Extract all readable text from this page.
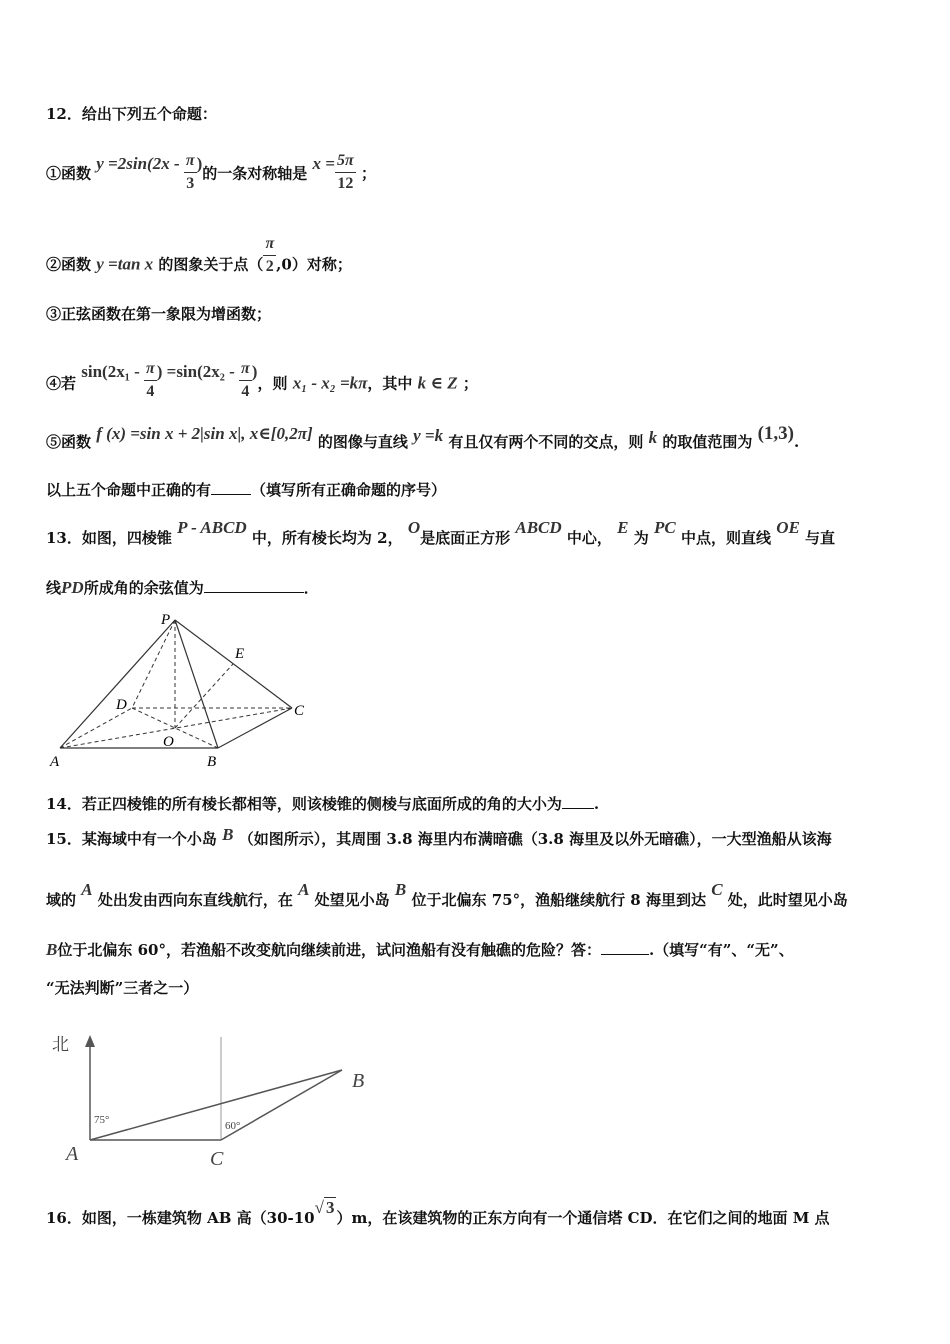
12．给出下列五个命题：
①函数 $y =2\sin(2x - \frac{\pi}{3}$ )的一条对称轴是 $x = \frac{5\pi}{12}$ ；
②函数 y =tan x 的图象关于点（ $\frac{\pi}{2} ,0$）对称；
③正弦函数在第一象限为增函数；
④若 $\sin(2x_1 - \frac{\pi}{4}$ ) $=\sin(2x_2 - \frac{\pi}{4}$ )，则 x₁ - x₂ =kπ，其中 k ∈ Z ；
⑤函数 f (x) =sin x + 2|sin x|, x∈[0,2π] 的图像与直线 y =k 有且仅有两个不同的交点，则 k 的取值范围为 (1,3).
以上五个命题中正确的有	（填写所有正确命题的序号）
13．如图，四棱锥 P - ABCD 中，所有棱长均为 2， O是底面正方形 ABCD 中心， E 为 PC 中点，则直线 OE 与直
线PD所成角的余弦值为	．
P
E
D	C
O
A	B
14．若正四棱锥的所有棱长都相等，则该棱锥的侧棱与底面所成的角的大小为 .
15．某海域中有一个小岛 B （如图所示），其周围 3.8 海里内布满暗礁（3.8 海里及以外无暗礁），一大型渔船从该海
域的 A 处出发由西向东直线航行，在 A 处望见小岛 B 位于北偏东 75°，渔船继续航行 8 海里到达 C 处，此时望见小岛
B位于北偏东 60°，若渔船不改变航向继续前进，试问渔船有没有触礁的危险？答：	.（填写“有”、“无”、
“无法判断”三者之一）
北
75°	60°
A	C
B
16．如图，一栋建筑物 AB 高（30-10√ 3）m，在该建筑物的正东方向有一个通信塔 CD．在它们之间的地面 M 点
